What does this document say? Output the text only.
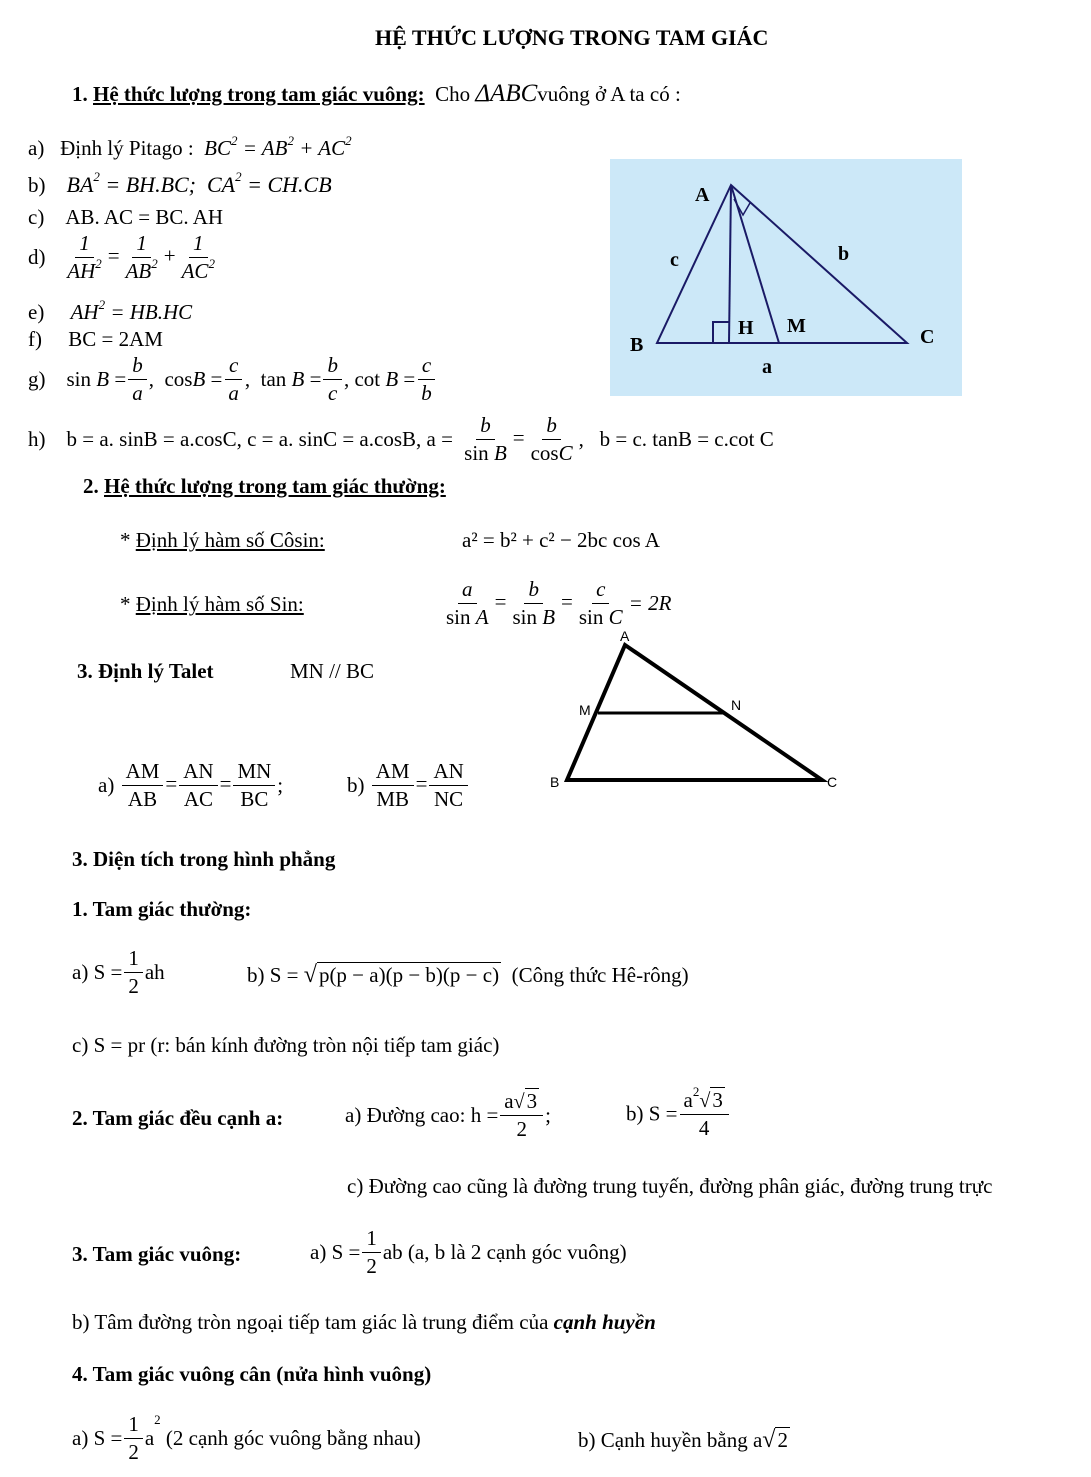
HỆ THỨC LƯỢNG TRONG TAM GIÁC
1. Hệ thức lượng trong tam giác vuông: Cho ΔABCvuông ở A ta có :
a) Định lý Pitago :  $BC^2 = AB^2 + AC^2$
b) $BA^2 = BH.BC$;  $CA^2 = CH.CB$
c) AB. AC = BC. AH
$d) \frac{1}{AH^2} = \frac{1}{AB^2} + \frac{1}{AC^2}$
e) $AH^2 = HB.HC$
f) BC = 2AM
g) $\sin B = \frac{b}{a}$ ,  $\cos B = \frac{c}{a}$ ,  $\tan B = \frac{b}{c}$ , $\cot B = \frac{c}{b}$
A
B	C
H M
a
b
c
h) b = a. sinB = a.cosC, c = a. sinC = a.cosB, $a = \frac{b}{\text{sin B}} = \frac{b}{\cos C}$ ,   b = c. tanB = c.cot C
2. Hệ thức lượng trong tam giác thường:
* Định lý hàm số Côsin:	a² = b² + c² − 2bc cos A
* Định lý hàm số Sin:	$\frac{a}{\text{sin A}} = \frac{b}{\text{sin B}} = \frac{c}{\text{sin C}} = 2R$
3. Định lý Talet	MN // BC
A
B	C
M	N
$a) \frac{AM}{AB} = \frac{AN}{AC} = \frac{MN}{BC}$ ;	$b) \frac{AM}{MB} = \frac{AN}{NC}$
3. Diện tích trong hình phẳng
1. Tam giác thường:
a) $S = \frac{1}{2}$ ah	b) S = √p(p − a)(p − b)(p − c) (Công thức Hê-rông)
c) S = pr (r: bán kính đường tròn nội tiếp tam giác)
2. Tam giác đều cạnh a:	a) Đường cao: $h = \frac{a√3}{2}$ ;	b) $S = \frac{a^2√3}{4}$
c) Đường cao cũng là đường trung tuyến, đường phân giác, đường trung trực
3. Tam giác vuông:	a) $S = \frac{1}{2}$ ab (a, b là 2 cạnh góc vuông)
b) Tâm đường tròn ngoại tiếp tam giác là trung điểm của cạnh huyền
4. Tam giác vuông cân (nửa hình vuông)
a) $S = \frac{1}{2} a^2$ (2 cạnh góc vuông bằng nhau)	b) Cạnh huyền bằng a√2
